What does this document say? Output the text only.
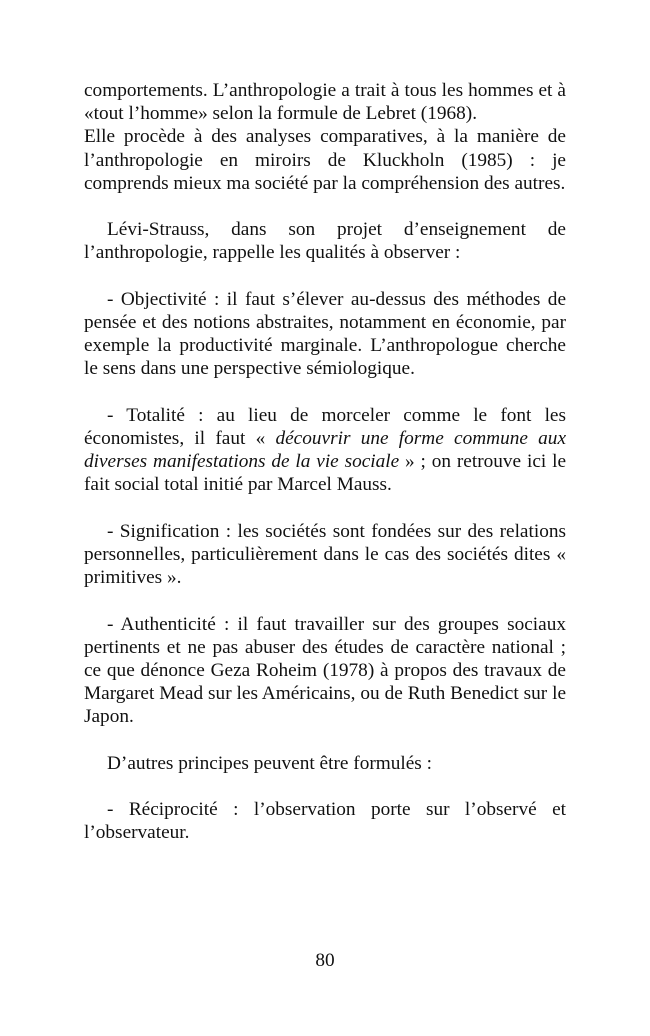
comportements. L’anthropologie a trait à tous les hommes et à «tout l’homme» selon la formule de Lebret (1968).

Elle procède à des analyses comparatives, à la manière de l’anthropologie en miroirs de Kluckholn (1985) : je comprends mieux ma société par la compréhension des autres.

Lévi-Strauss, dans son projet d’enseignement de l’anthropologie, rappelle les qualités à observer :

- Objectivité : il faut s’élever au-dessus des méthodes de pensée et des notions abstraites, notamment en économie, par exemple la productivité marginale. L’anthropologue cherche le sens dans une perspective sémiologique.

- Totalité : au lieu de morceler comme le font les économistes, il faut « découvrir une forme commune aux diverses manifestations de la vie sociale » ; on retrouve ici le fait social total initié par Marcel Mauss.

- Signification : les sociétés sont fondées sur des relations personnelles, particulièrement dans le cas des sociétés dites « primitives ».

- Authenticité : il faut travailler sur des groupes sociaux pertinents et ne pas abuser des études de caractère national ; ce que dénonce Geza Roheim (1978) à propos des travaux de Margaret Mead sur les Américains, ou de Ruth Benedict sur le Japon.

D’autres principes peuvent être formulés :

- Réciprocité : l’observation porte sur l’observé et l’observateur.

80
